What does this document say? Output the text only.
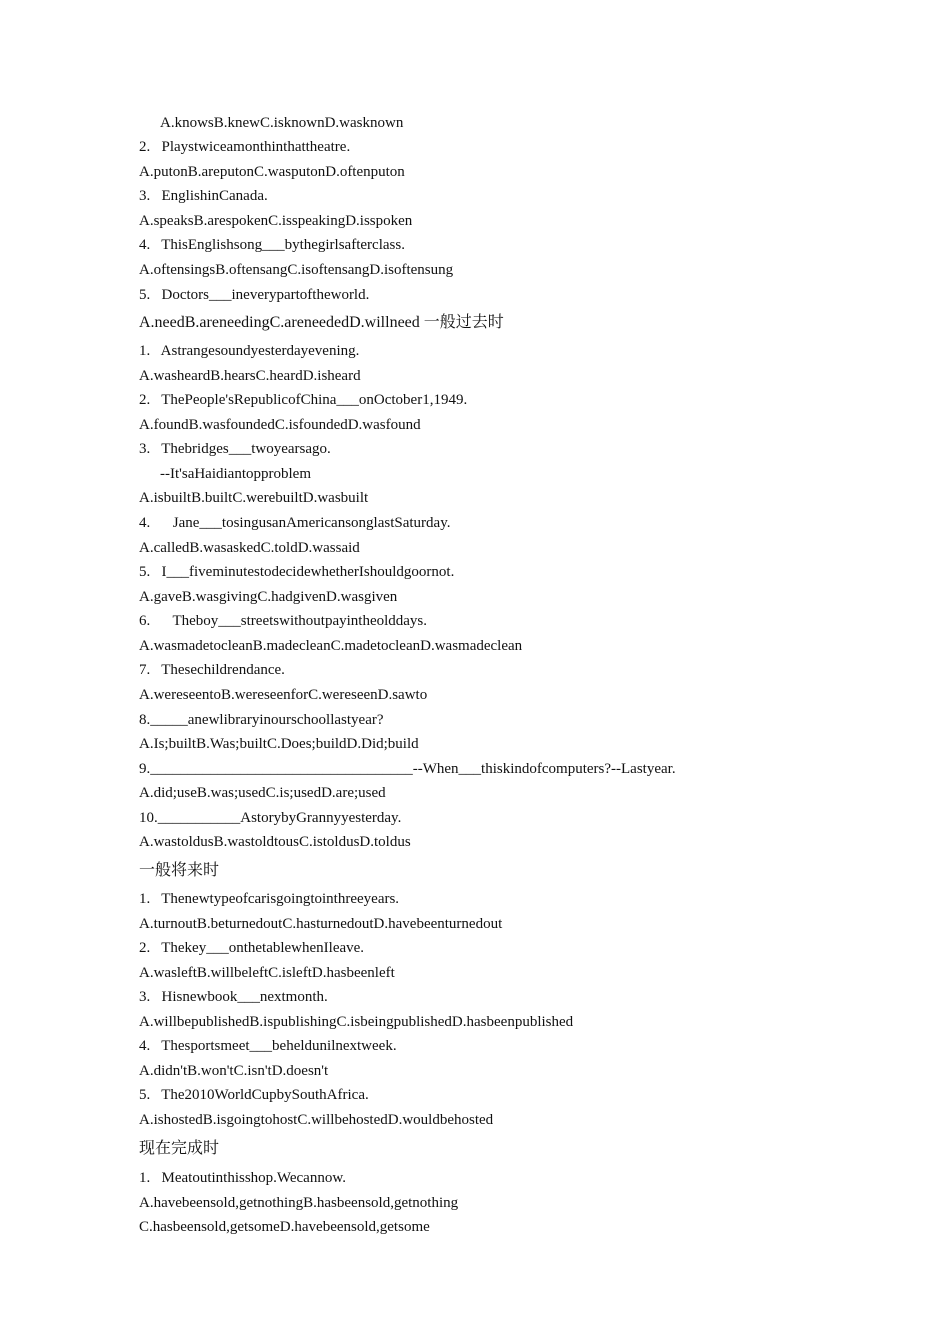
A.knowsB.knewC.isknownD.wasknown
2.   Playstwiceamonthinthattheatre.
A.putonB.areputonC.wasputonD.oftenputon
3.   EnglishinCanada.
A.speaksB.arespokenC.isspeakingD.isspoken
4.   ThisEnglishsong___bythegirlsafterclass.
A.oftensingsB.oftensangC.isoftensangD.isoftensung
5.   Doctors___ineverypartoftheworld.
A.needB.areneedingC.areneededD.willneed 一般过去时
1.   Astrangesoundyesterdayevening.
A.washeardB.hearsC.heardD.isheard
2.   ThePeople'sRepublicofChina___onOctober1,1949.
A.foundB.wasfoundedC.isfoundedD.wasfound
3.   Thebridges___twoyearsago.
--It'saHaidiantopproblem
A.isbuiltB.builtC.werebuiltD.wasbuilt
4.      Jane___tosingusanAmericansonglastSaturday.
A.calledB.wasaskedC.toldD.wassaid
5.   I___fiveminutestodecidewhetherIshouldgoornot.
A.gaveB.wasgivingC.hadgivenD.wasgiven
6.      Theboy___streetswithoutpayintheolddays.
A.wasmadetocleanB.madecleanC.madetocleanD.wasmadeclean
7.   Thesechildrendance.
A.wereseentoB.wereseenforC.wereseenD.sawto
8._____anewlibraryinourschoollastyear?
A.Is;builtB.Was;builtC.Does;buildD.Did;build
9.___________________________________--When___thiskindofcomputers?--Lastyear.
A.did;useB.was;usedC.is;usedD.are;used
10.___________AstorybyGrannyyesterday.
A.wastoldusB.wastoldtousC.istoldusD.toldus
一般将来时
1.   Thenewtypeofcarisgoingtointhreeyears.
A.turnoutB.beturnedoutC.hasturnedoutD.havebeenturnedout
2.   Thekey___onthetablewhenIleave.
A.wasleftB.willbeleftC.isleftD.hasbeenleft
3.   Hisnewbook___nextmonth.
A.willbepublishedB.ispublishingC.isbeingpublishedD.hasbeenpublished
4.   Thesportsmeet___beheldunilnextweek.
A.didn'tB.won'tC.isn'tD.doesn't
5.   The2010WorldCupbySouthAfrica.
A.ishostedB.isgoingtohostC.willbehostedD.wouldbehosted
现在完成时
1.   Meatoutinthisshop.Wecannow.
A.havebeensold,getnothingB.hasbeensold,getnothing
C.hasbeensold,getsomeD.havebeensold,getsome
